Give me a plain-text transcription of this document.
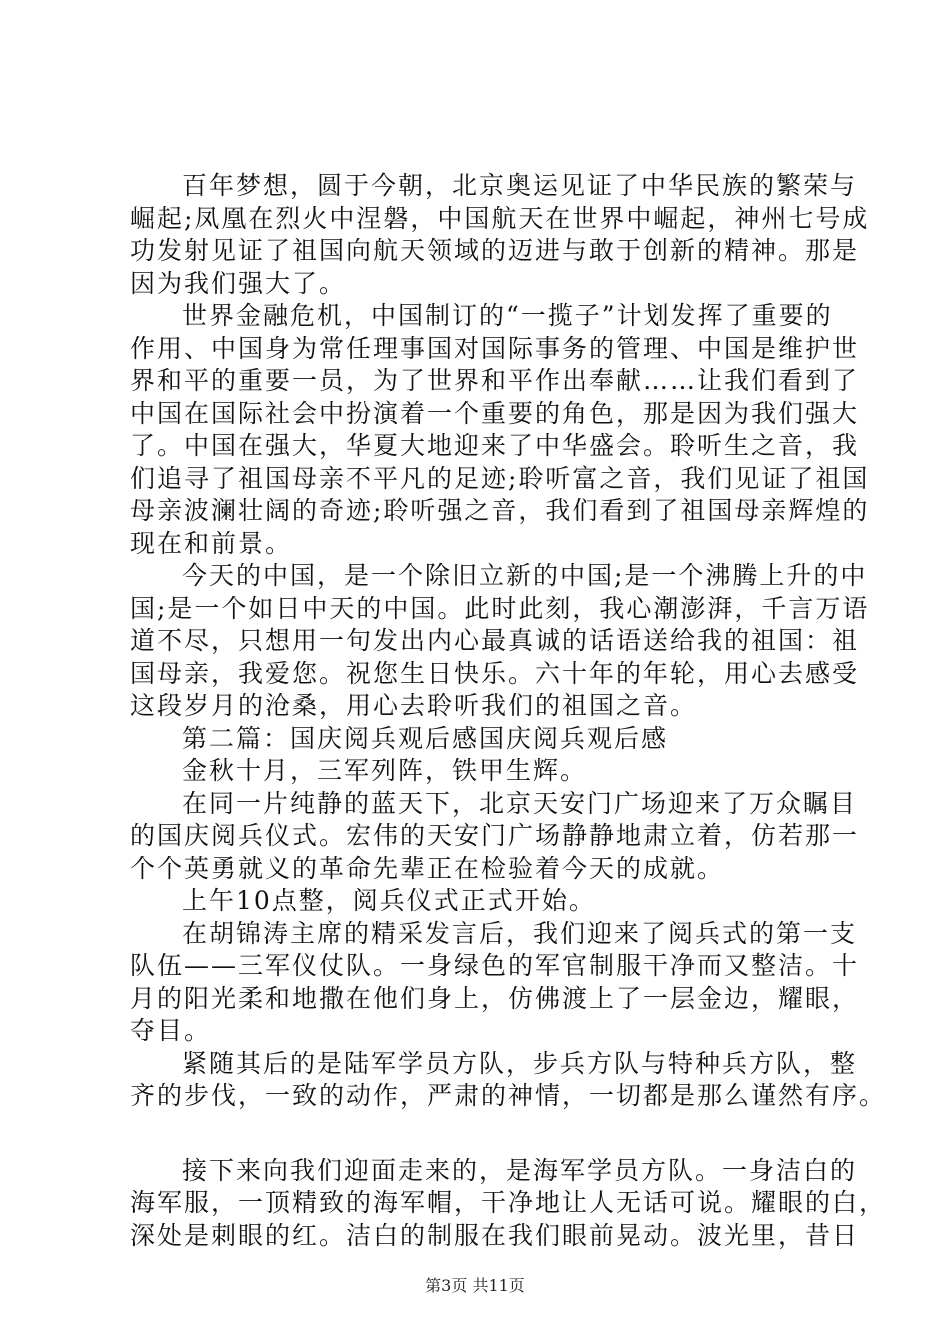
百年梦想，圆于今朝，北京奥运见证了中华民族的繁荣与
崛起;凤凰在烈火中涅磐，中国航天在世界中崛起，神州七号成
功发射见证了祖国向航天领域的迈进与敢于创新的精神。那是
因为我们强大了。
世界金融危机，中国制订的“一揽子”计划发挥了重要的
作用、中国身为常任理事国对国际事务的管理、中国是维护世
界和平的重要一员，为了世界和平作出奉献……让我们看到了
中国在国际社会中扮演着一个重要的角色，那是因为我们强大
了。中国在强大，华夏大地迎来了中华盛会。聆听生之音，我
们追寻了祖国母亲不平凡的足迹;聆听富之音，我们见证了祖国
母亲波澜壮阔的奇迹;聆听强之音，我们看到了祖国母亲辉煌的
现在和前景。
今天的中国，是一个除旧立新的中国;是一个沸腾上升的中
国;是一个如日中天的中国。此时此刻，我心潮澎湃，千言万语
道不尽，只想用一句发出内心最真诚的话语送给我的祖国：祖
国母亲，我爱您。祝您生日快乐。六十年的年轮，用心去感受
这段岁月的沧桑，用心去聆听我们的祖国之音。
第二篇：国庆阅兵观后感国庆阅兵观后感
金秋十月，三军列阵，铁甲生辉。
在同一片纯静的蓝天下，北京天安门广场迎来了万众瞩目
的国庆阅兵仪式。宏伟的天安门广场静静地肃立着，仿若那一
个个英勇就义的革命先辈正在检验着今天的成就。
上午10点整，阅兵仪式正式开始。
在胡锦涛主席的精采发言后，我们迎来了阅兵式的第一支
队伍——三军仪仗队。一身绿色的军官制服干净而又整洁。十
月的阳光柔和地撒在他们身上，仿佛渡上了一层金边，耀眼，
夺目。
紧随其后的是陆军学员方队，步兵方队与特种兵方队，整
齐的步伐，一致的动作，严肃的神情，一切都是那么谨然有序。
接下来向我们迎面走来的，是海军学员方队。一身洁白的
海军服，一顶精致的海军帽，干净地让人无话可说。耀眼的白，
深处是刺眼的红。洁白的制服在我们眼前晃动。波光里，昔日
第3页 共11页
